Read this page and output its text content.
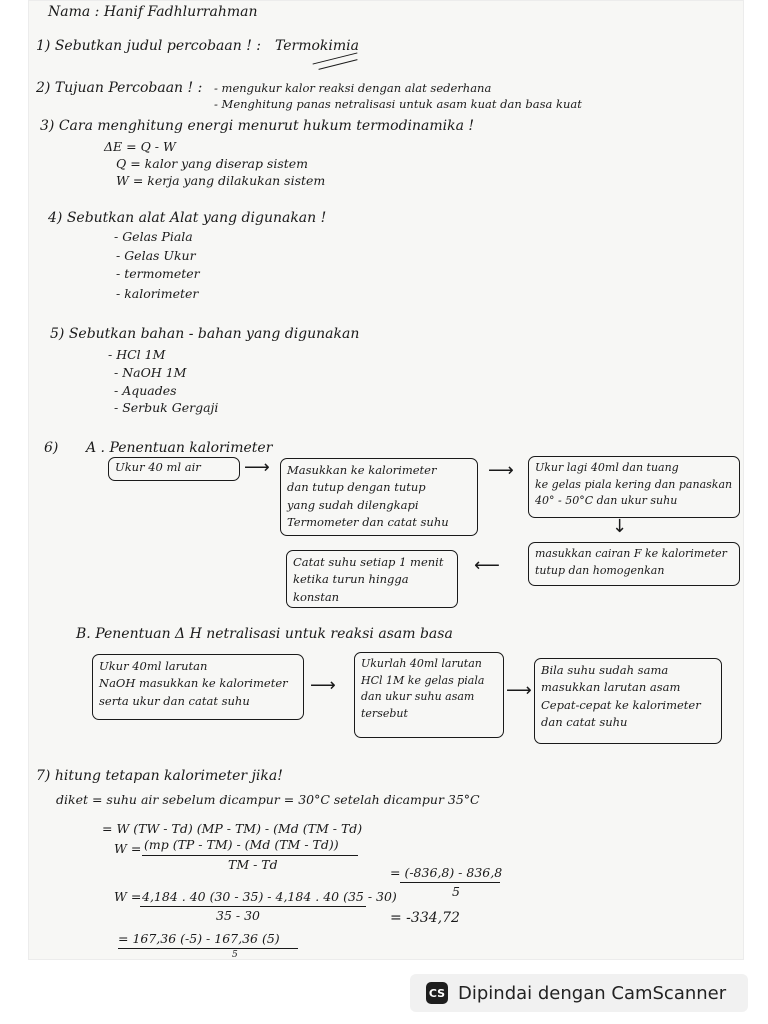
Nama : Hanif Fadhlurrahman
1) Sebutkan judul percobaan ! : Termokimia
2) Tujuan Percobaan ! : - mengukur kalor reaksi dengan alat sederhana
- Menghitung panas netralisasi untuk asam kuat dan basa kuat
3) Cara menghitung energi menurut hukum termodinamika !
ΔE = Q - W
Q = kalor yang diserap sistem
W = kerja yang dilakukan sistem
4) Sebutkan alat Alat yang digunakan !
- Gelas Piala
- Gelas Ukur
- termometer
- kalorimeter
5) Sebutkan bahan - bahan yang digunakan
- HCl 1M
- NaOH 1M
- Aquades
- Serbuk Gergaji
6) A . Penentuan kalorimeter
Ukur 40 ml air	⟶ Masukkan ke kalorimeter
dan tutup dengan tutup
yang sudah dilengkapi
Termometer dan catat suhu
⟶ Ukur lagi 40ml dan tuang
ke gelas piala kering dan panaskan
40° - 50°C dan ukur suhu
↓
masukkan cairan F ke kalorimeter
tutup dan homogenkan
⟵
Catat suhu setiap 1 menit
ketika turun hingga
konstan
B. Penentuan Δ H netralisasi untuk reaksi asam basa
Ukur 40ml larutan
NaOH masukkan ke kalorimeter
serta ukur dan catat suhu
⟶
Ukurlah 40ml larutan
HCl 1M ke gelas piala
dan ukur suhu asam
tersebut
⟶
Bila suhu sudah sama
masukkan larutan asam
Cepat-cepat ke kalorimeter
dan catat suhu
7) hitung tetapan kalorimeter jika!
diket = suhu air sebelum dicampur = 30°C setelah dicampur 35°C
= W (TW - Td) (MP - TM) - (Md (TM - Td)
W = (mp (TP - TM) - (Md (TM - Td))
TM - Td
W = 4,184 . 40 (30 - 35) - 4,184 . 40 (35 - 30)
35 - 30
= 167,36 (-5) - 167,36 (5)
5
= (-836,8) - 836,8
5
= -334,72
CS Dipindai dengan CamScanner
